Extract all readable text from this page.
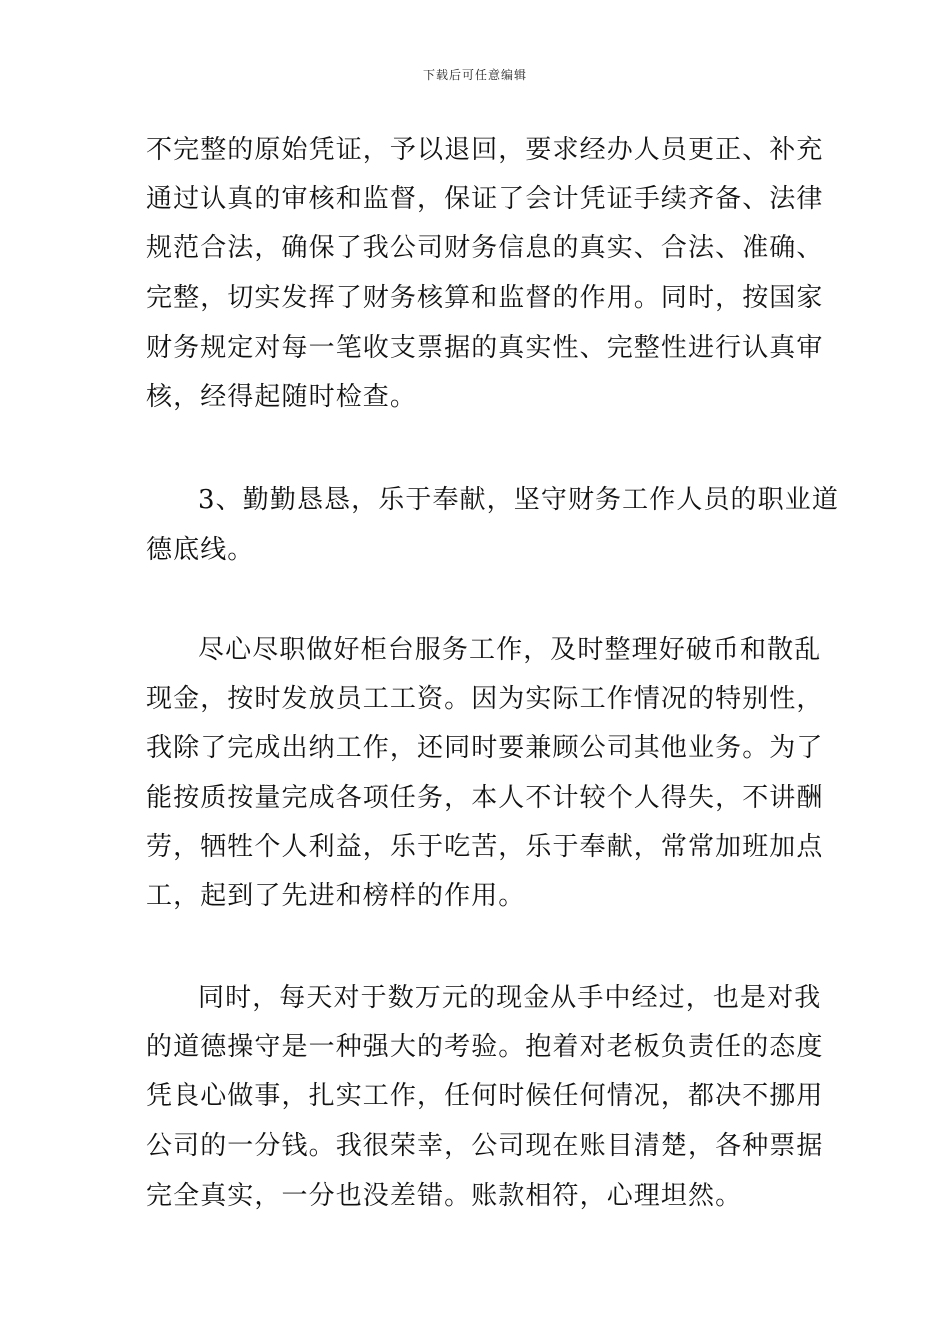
下载后可任意编辑
不完整的原始凭证，予以退回，要求经办人员更正、补充
通过认真的审核和监督，保证了会计凭证手续齐备、法律
规范合法，确保了我公司财务信息的真实、合法、准确、
完整，切实发挥了财务核算和监督的作用。同时，按国家
财务规定对每一笔收支票据的真实性、完整性进行认真审
核，经得起随时检查。
3、勤勤恳恳，乐于奉献，坚守财务工作人员的职业道
德底线。
尽心尽职做好柜台服务工作，及时整理好破币和散乱
现金，按时发放员工工资。因为实际工作情况的特别性，
我除了完成出纳工作，还同时要兼顾公司其他业务。为了
能按质按量完成各项任务，本人不计较个人得失，不讲酬
劳，牺牲个人利益，乐于吃苦，乐于奉献，常常加班加点
工，起到了先进和榜样的作用。
同时，每天对于数万元的现金从手中经过，也是对我
的道德操守是一种强大的考验。抱着对老板负责任的态度
凭良心做事，扎实工作，任何时候任何情况，都决不挪用
公司的一分钱。我很荣幸，公司现在账目清楚，各种票据
完全真实，一分也没差错。账款相符，心理坦然。
